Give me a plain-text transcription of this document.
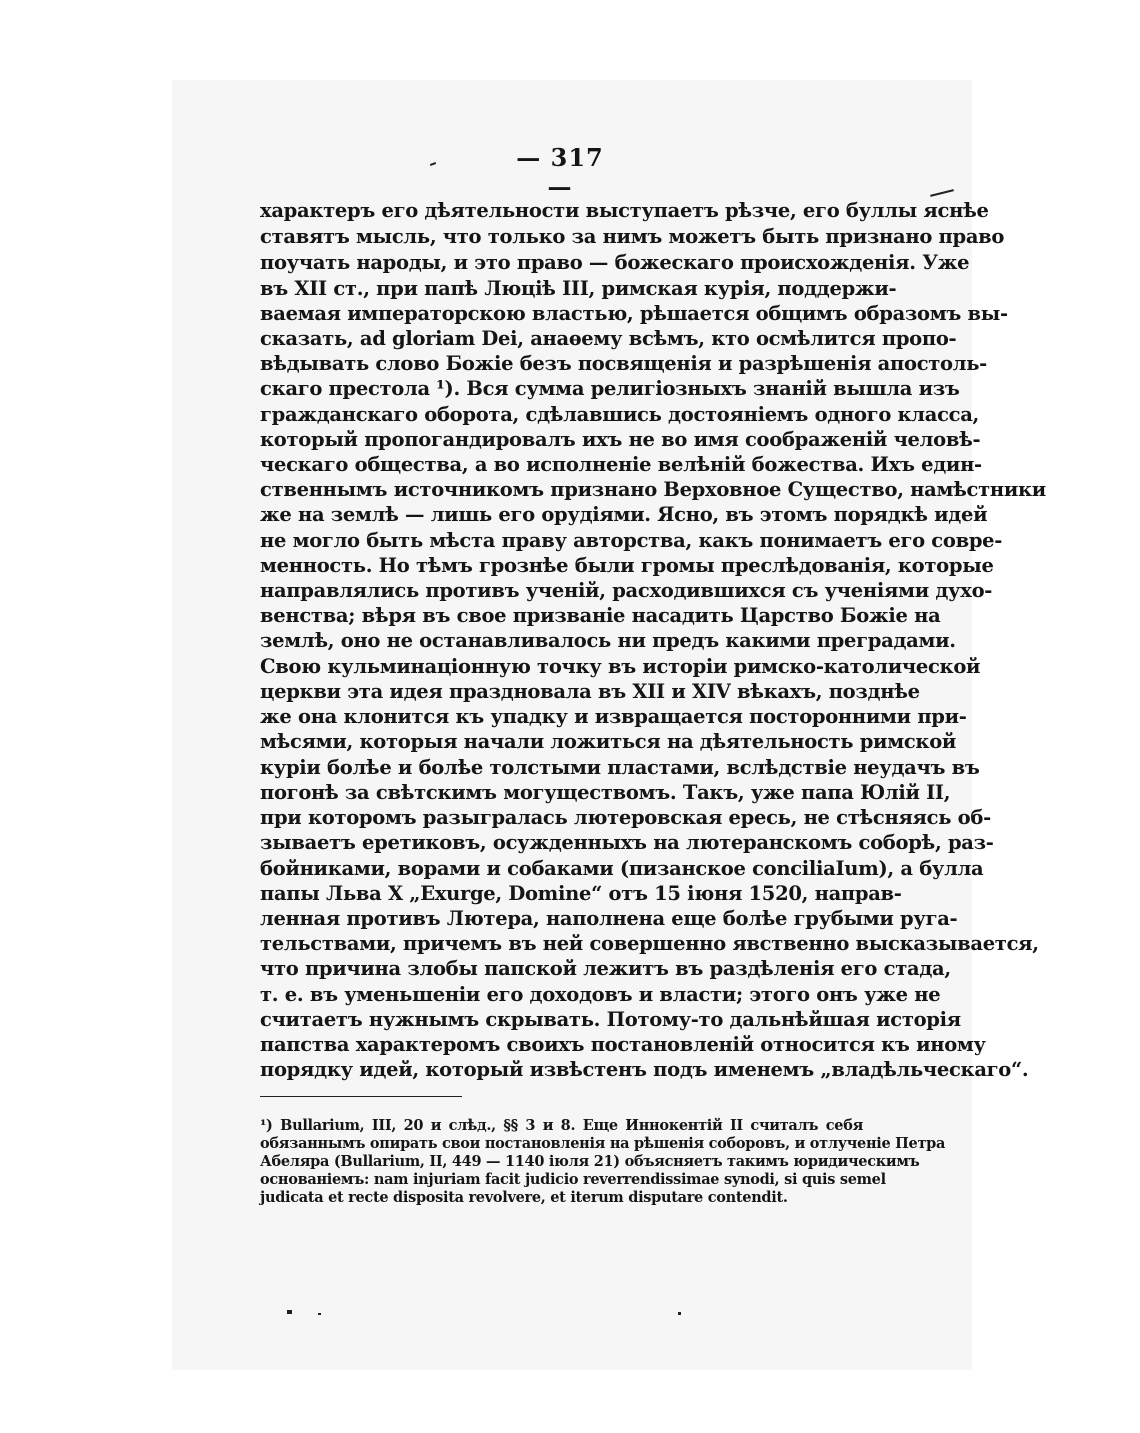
— 317 —
характеръ его дѣятельности выступаетъ рѣзче, его буллы яснѣе
ставятъ мысль, что только за нимъ можетъ быть признано право
поучать народы, и это право — божескаго происхожденія. Уже
въ XII ст., при папѣ Люціѣ III, римская курія, поддержи-
ваемая императорскою властью, рѣшается общимъ образомъ вы-
сказать, ad gloriam Dei, анаѳему всѣмъ, кто осмѣлится пропо-
вѣдывать слово Божіе безъ посвященія и разрѣшенія апостоль-
скаго престола ¹). Вся сумма религіозныхъ знаній вышла изъ
гражданскаго оборота, сдѣлавшись достояніемъ одного класса,
который пропогандировалъ ихъ не во имя соображеній человѣ-
ческаго общества, а во исполненіе велѣній божества. Ихъ един-
ственнымъ источникомъ признано Верховное Существо, намѣстники
же на землѣ — лишь его орудіями. Ясно, въ этомъ порядкѣ идей
не могло быть мѣста праву авторства, какъ понимаетъ его совре-
менность. Но тѣмъ грознѣе были громы преслѣдованія, которые
направлялись противъ ученій, расходившихся съ ученіями духо-
венства; вѣря въ свое призваніе насадить Царство Божіе на
землѣ, оно не останавливалось ни предъ какими преградами.
Свою кульминаціонную точку въ исторіи римско-католической
церкви эта идея праздновала въ XII и XIV вѣкахъ, позднѣе
же она клонится къ упадку и извращается посторонними при-
мѣсями, которыя начали ложиться на дѣятельность римской
куріи болѣе и болѣе толстыми пластами, вслѣдствіе неудачъ въ
погонѣ за свѣтскимъ могуществомъ. Такъ, уже папа Юлій II,
при которомъ разыгралась лютеровская ересь, не стѣсняясь об-
зываетъ еретиковъ, осужденныхъ на лютеранскомъ соборѣ, раз-
бойниками, ворами и собаками (пизанское conciliaIum), а булла
папы Льва X „Exurge, Domine“ отъ 15 іюня 1520, направ-
ленная противъ Лютера, наполнена еще болѣе грубыми руга-
тельствами, причемъ въ ней совершенно явственно высказывается,
что причина злобы папской лежитъ въ раздѣленія его стада,
т. е. въ уменьшеніи его доходовъ и власти; этого онъ уже не
считаетъ нужнымъ скрывать. Потому-то дальнѣйшая исторія
папства характеромъ своихъ постановленій относится къ иному
порядку идей, который извѣстенъ подъ именемъ „владѣльческаго“.
¹) Bullarium, III, 20 и слѣд., §§ 3 и 8. Еще Иннокентій II считалъ себя
обязаннымъ опирать свои постановленія на рѣшенія соборовъ, и отлученіе Петра
Абеляра (Bullarium, II, 449 — 1140 іюля 21) объясняетъ такимъ юридическимъ
основаніемъ: nam injuriam facit judicio reverrendissimae synodi, si quis semel
judicata et recte disposita revolvere, et iterum disputare contendit.
